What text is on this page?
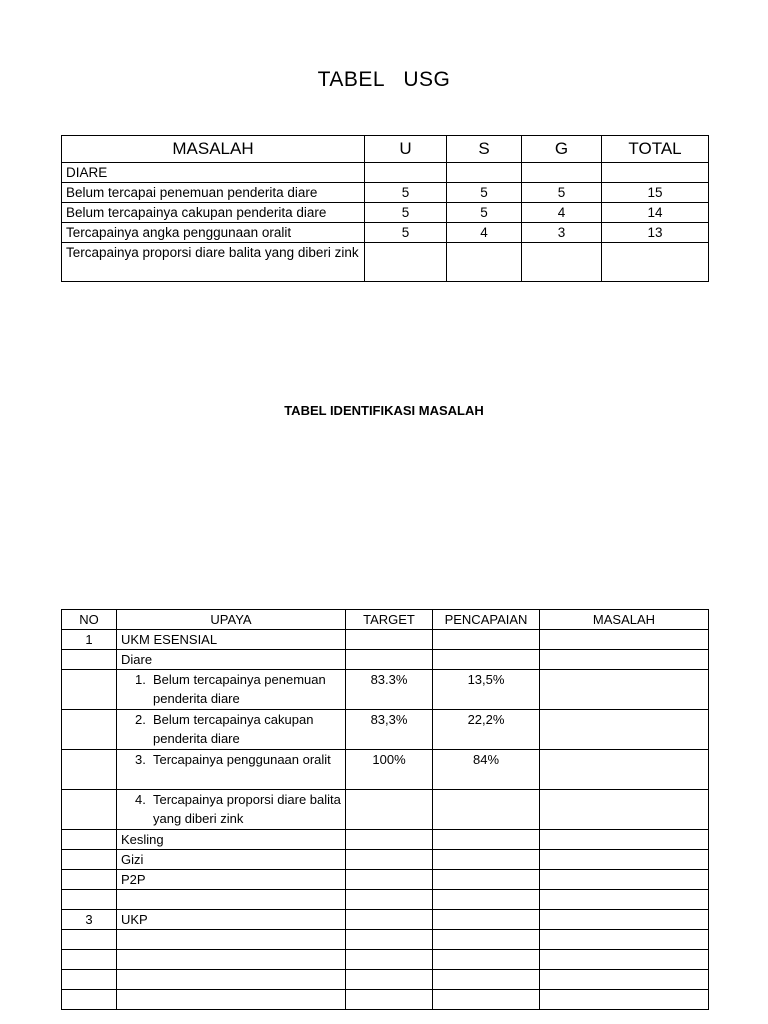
TABEL   USG
MASALAH	U	S	G	TOTAL
DIARE				
Belum tercapai penemuan penderita diare	5	5	5	15
Belum tercapainya cakupan penderita diare	5	5	4	14
Tercapainya angka penggunaan oralit	5	4	3	13
Tercapainya proporsi diare balita yang diberi zink				
TABEL IDENTIFIKASI MASALAH
NO	UPAYA	TARGET	PENCAPAIAN	MASALAH
1	UKM ESENSIAL			
	Diare			

	1. Belum tercapainya penemuan penderita diare	83.3%	13,5%	

	2. Belum tercapainya cakupan penderita diare	83,3%	22,2%	

	3. Tercapainya penggunaan oralit	100%	84%	

	4. Tercapainya proporsi diare balita yang diberi zink			

	Kesling			
	Gizi			
	P2P			

3	UKP			
